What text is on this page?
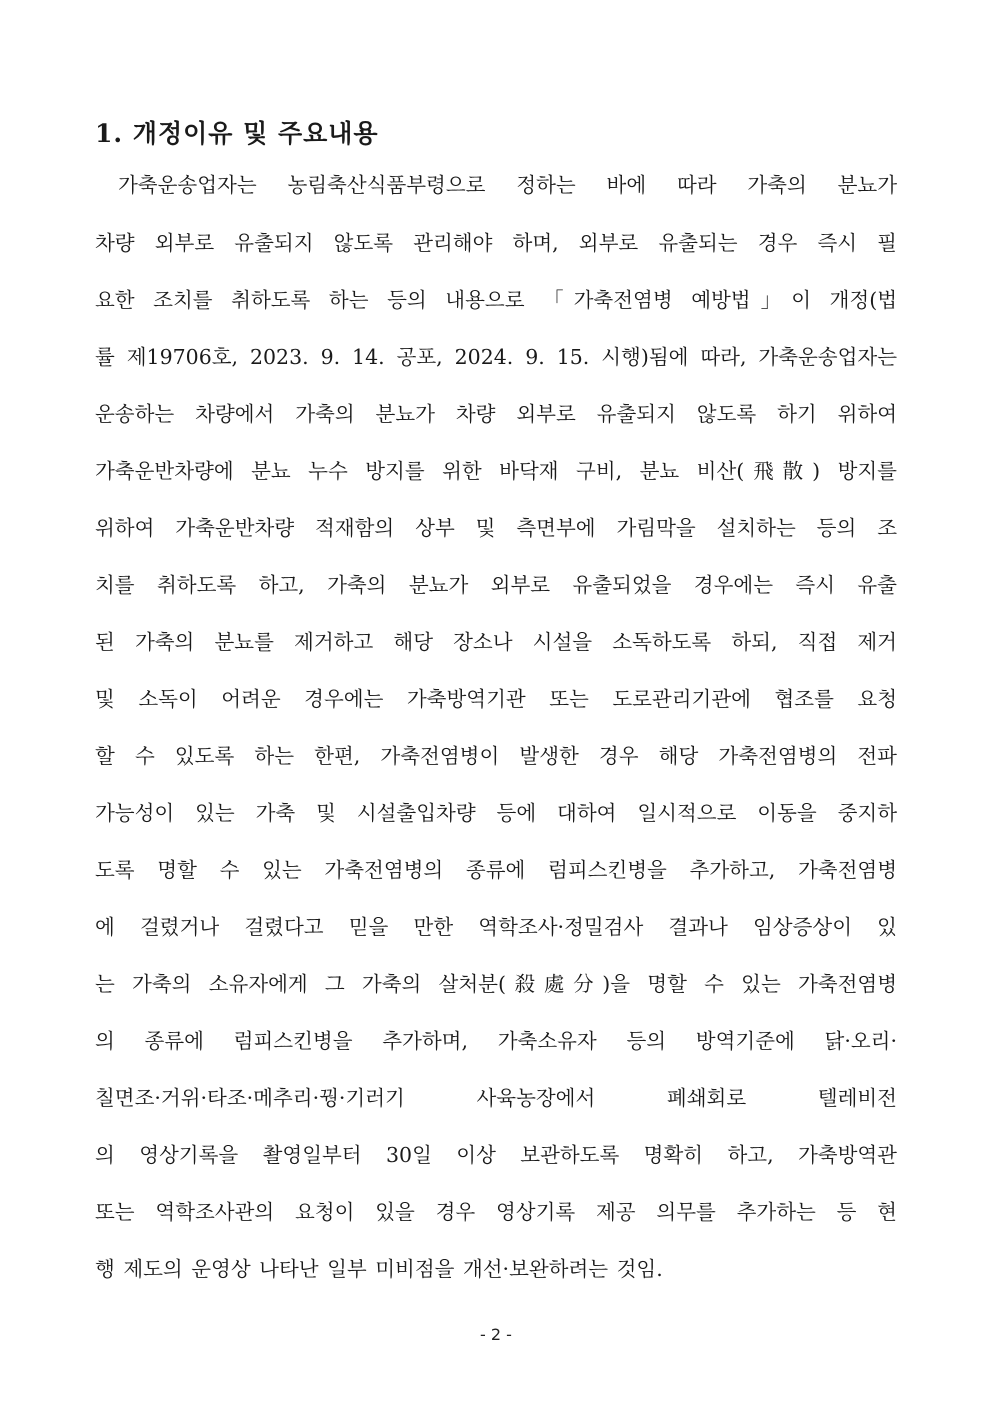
1. 개정이유 및 주요내용
가축운송업자는 농림축산식품부령으로 정하는 바에 따라 가축의 분뇨가
차량 외부로 유출되지 않도록 관리해야 하며, 외부로 유출되는 경우 즉시 필
요한 조치를 취하도록 하는 등의 내용으로 「가축전염병 예방법」이 개정(법
률 제19706호, 2023. 9. 14. 공포, 2024. 9. 15. 시행)됨에 따라, 가축운송업자는
운송하는 차량에서 가축의 분뇨가 차량 외부로 유출되지 않도록 하기 위하여
가축운반차량에 분뇨 누수 방지를 위한 바닥재 구비, 분뇨 비산(飛散) 방지를
위하여 가축운반차량 적재함의 상부 및 측면부에 가림막을 설치하는 등의 조
치를 취하도록 하고, 가축의 분뇨가 외부로 유출되었을 경우에는 즉시 유출
된 가축의 분뇨를 제거하고 해당 장소나 시설을 소독하도록 하되, 직접 제거
및 소독이 어려운 경우에는 가축방역기관 또는 도로관리기관에 협조를 요청
할 수 있도록 하는 한편, 가축전염병이 발생한 경우 해당 가축전염병의 전파
가능성이 있는 가축 및 시설출입차량 등에 대하여 일시적으로 이동을 중지하
도록 명할 수 있는 가축전염병의 종류에 럼피스킨병을 추가하고, 가축전염병
에 걸렸거나 걸렸다고 믿을 만한 역학조사·정밀검사 결과나 임상증상이 있
는 가축의 소유자에게 그 가축의 살처분(殺處分)을 명할 수 있는 가축전염병
의 종류에 럼피스킨병을 추가하며, 가축소유자 등의 방역기준에 닭·오리·
칠면조·거위·타조·메추리·꿩·기러기 사육농장에서 폐쇄회로 텔레비전
의 영상기록을 촬영일부터 30일 이상 보관하도록 명확히 하고, 가축방역관
또는 역학조사관의 요청이 있을 경우 영상기록 제공 의무를 추가하는 등 현
행 제도의 운영상 나타난 일부 미비점을 개선·보완하려는 것임.
- 2 -
